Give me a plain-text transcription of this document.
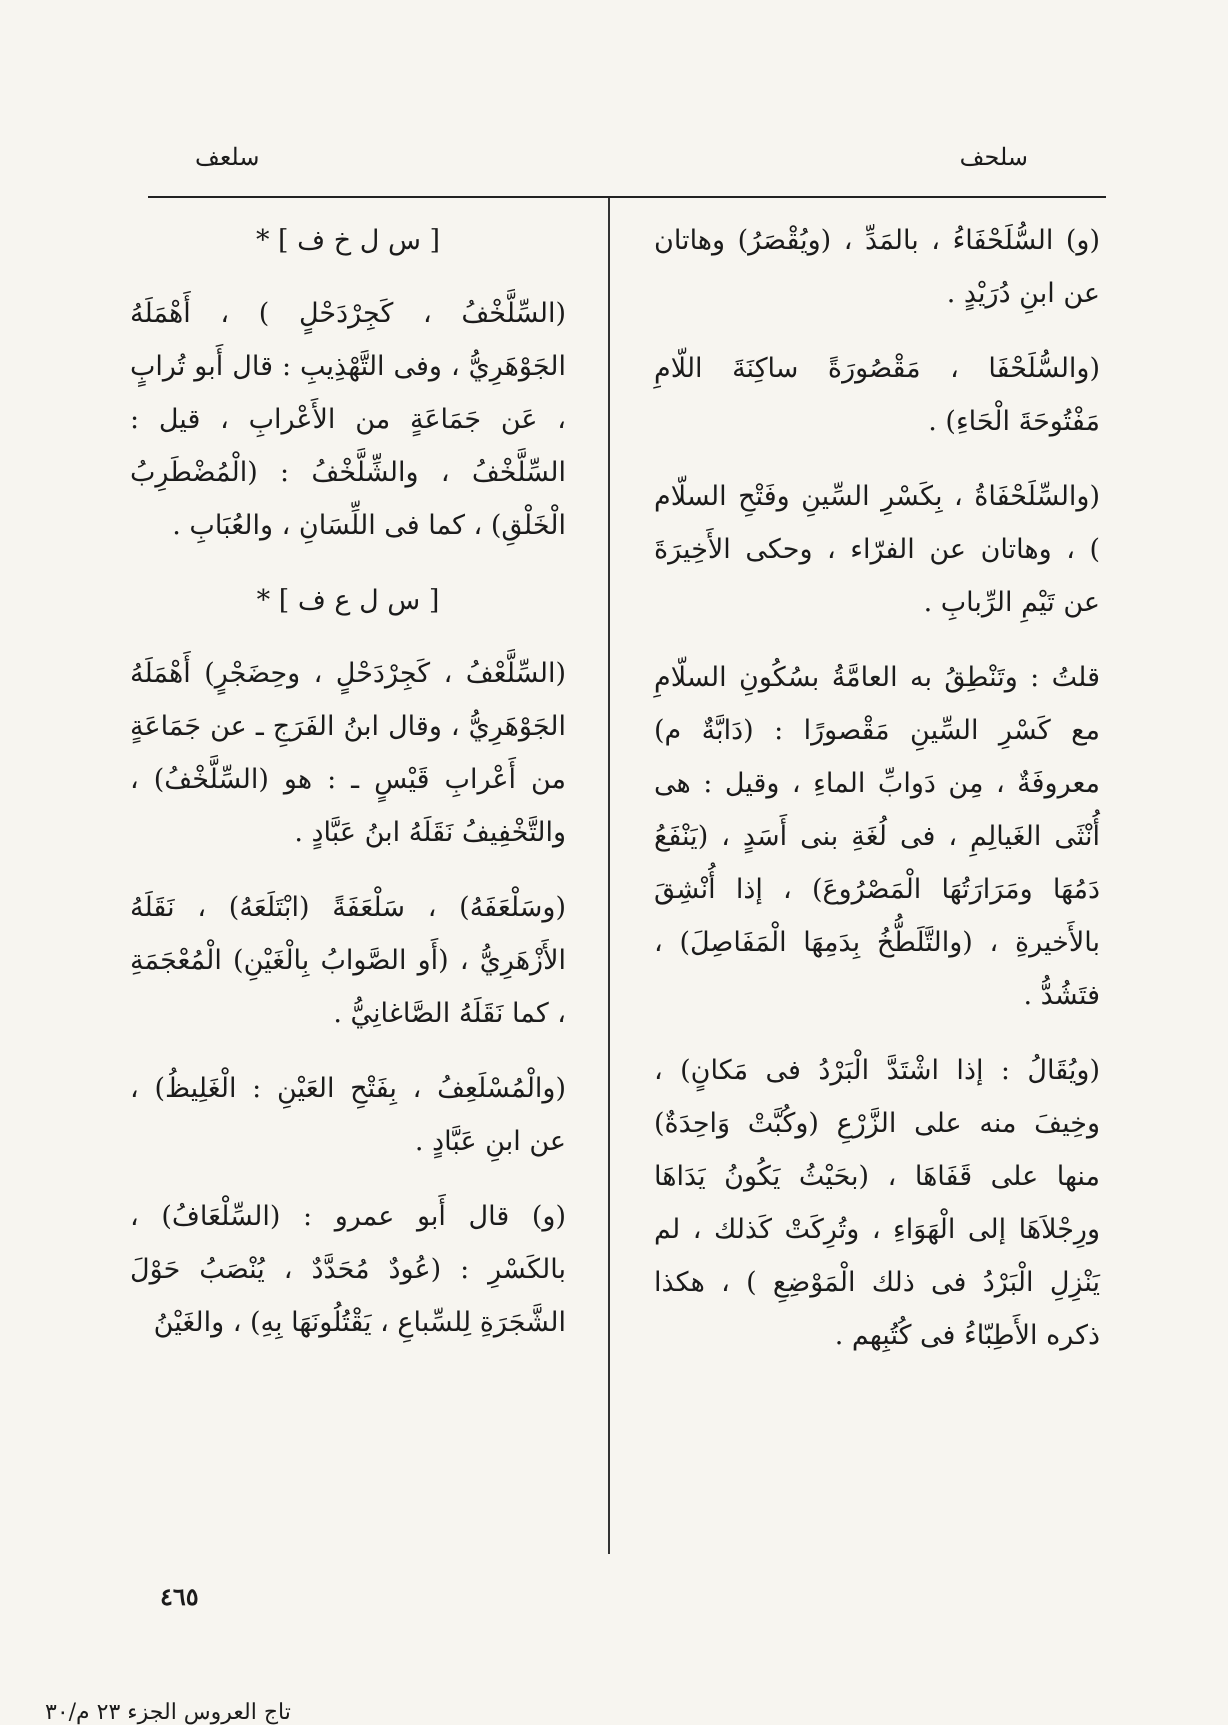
سلحف
سلعف

(و) السُّلَحْفَاءُ ، بالمَدِّ ، (ويُقْصَرُ) وهاتان عن ابنِ دُرَيْدٍ .

(والسُّلَحْفَا ، مَقْصُورَةً ساكِنَةَ اللّامِ مَفْتُوحَةَ الْحَاءِ) .

(والسِّلَحْفَاةُ ، بِكَسْرِ السِّينِ وفَتْحِ السلّام ) ، وهاتان عن الفرّاء ، وحكى الأَخِيرَةَ عن تَيْمِ الرِّبابِ .

قلتُ : وتَنْطِقُ به العامَّةُ بسُكُونِ السلّامِ مع كَسْرِ السِّينِ مَقْصورًا : (دَابَّةٌ م) معروفَةٌ ، مِن دَوابِّ الماءِ ، وقيل : هى أُنْثَى الغَيالِمِ ، فى لُغَةِ بنى أَسَدٍ ، (يَنْفَعُ دَمُهَا ومَرَارَتُهَا الْمَصْرُوعَ) ، إذا أُنْشِقَ بالأَخيرةِ ، (والتَّلَطُّخُ بِدَمِهَا الْمَفَاصِلَ) ، فتَشُدُّ .

(ويُقَالُ : إذا اشْتَدَّ الْبَرْدُ فى مَكانٍ) ، وخِيفَ منه على الزَّرْعِ (وكُبَّتْ وَاحِدَةٌ) منها على قَفَاهَا ، (بحَيْثُ يَكُونُ يَدَاهَا ورِجْلاَهَا إلى الْهَوَاءِ ، وتُرِكَتْ كَذلك ، لم يَنْزِلِ الْبَرْدُ فى ذلك الْمَوْضِعِ ) ، هكذا ذكره الأَطِبّاءُ فى كُتُبِهم .

[ س ل خ ف ] *

(السِّلَّخْفُ ، كَجِرْدَحْلٍ ) ، أَهْمَلَهُ الجَوْهَرِيُّ ، وفى التَّهْذِيبِ : قال أَبو تُرابٍ ، عَن جَمَاعَةٍ من الأَعْرابِ ، قيل : السِّلَّخْفُ ، والشِّلَّخْفُ : (الْمُضْطَرِبُ الْخَلْقِ) ، كما فى اللِّسَانِ ، والعُبَابِ .

[ س ل ع ف ] *

(السِّلَّعْفُ ، كَجِرْدَحْلٍ ، وحِضَجْرٍ) أَهْمَلَهُ الجَوْهَرِيُّ ، وقال ابنُ الفَرَجِ ـ عن جَمَاعَةٍ من أَعْرابِ قَيْسٍ ـ : هو (السِّلَّخْفُ) ، والتَّخْفِيفُ نَقَلَهُ ابنُ عَبَّادٍ .

(وسَلْعَفَهُ) ، سَلْعَفَةً (ابْتَلَعَهُ) ، نَقَلَهُ الأَزْهَرِيُّ ، (أَو الصَّوابُ بِالْغَيْنِ) الْمُعْجَمَةِ ، كما نَقَلَهُ الصَّاغانِيُّ .

(والْمُسْلَعِفُ ، بِفَتْحِ العَيْنِ : الْغَلِيظُ) ، عن ابنِ عَبَّادٍ .

(و) قال أَبو عمرو : (السِّلْعَافُ) ، بالكَسْرِ : (عُودٌ مُحَدَّدٌ ، يُنْصَبُ حَوْلَ الشَّجَرَةِ لِلسِّباعِ ، يَقْتُلُونَهَا بِهِ) ، والغَيْنُ

٤٦٥
تاج العروس الجزء ٢٣ م/٣٠
